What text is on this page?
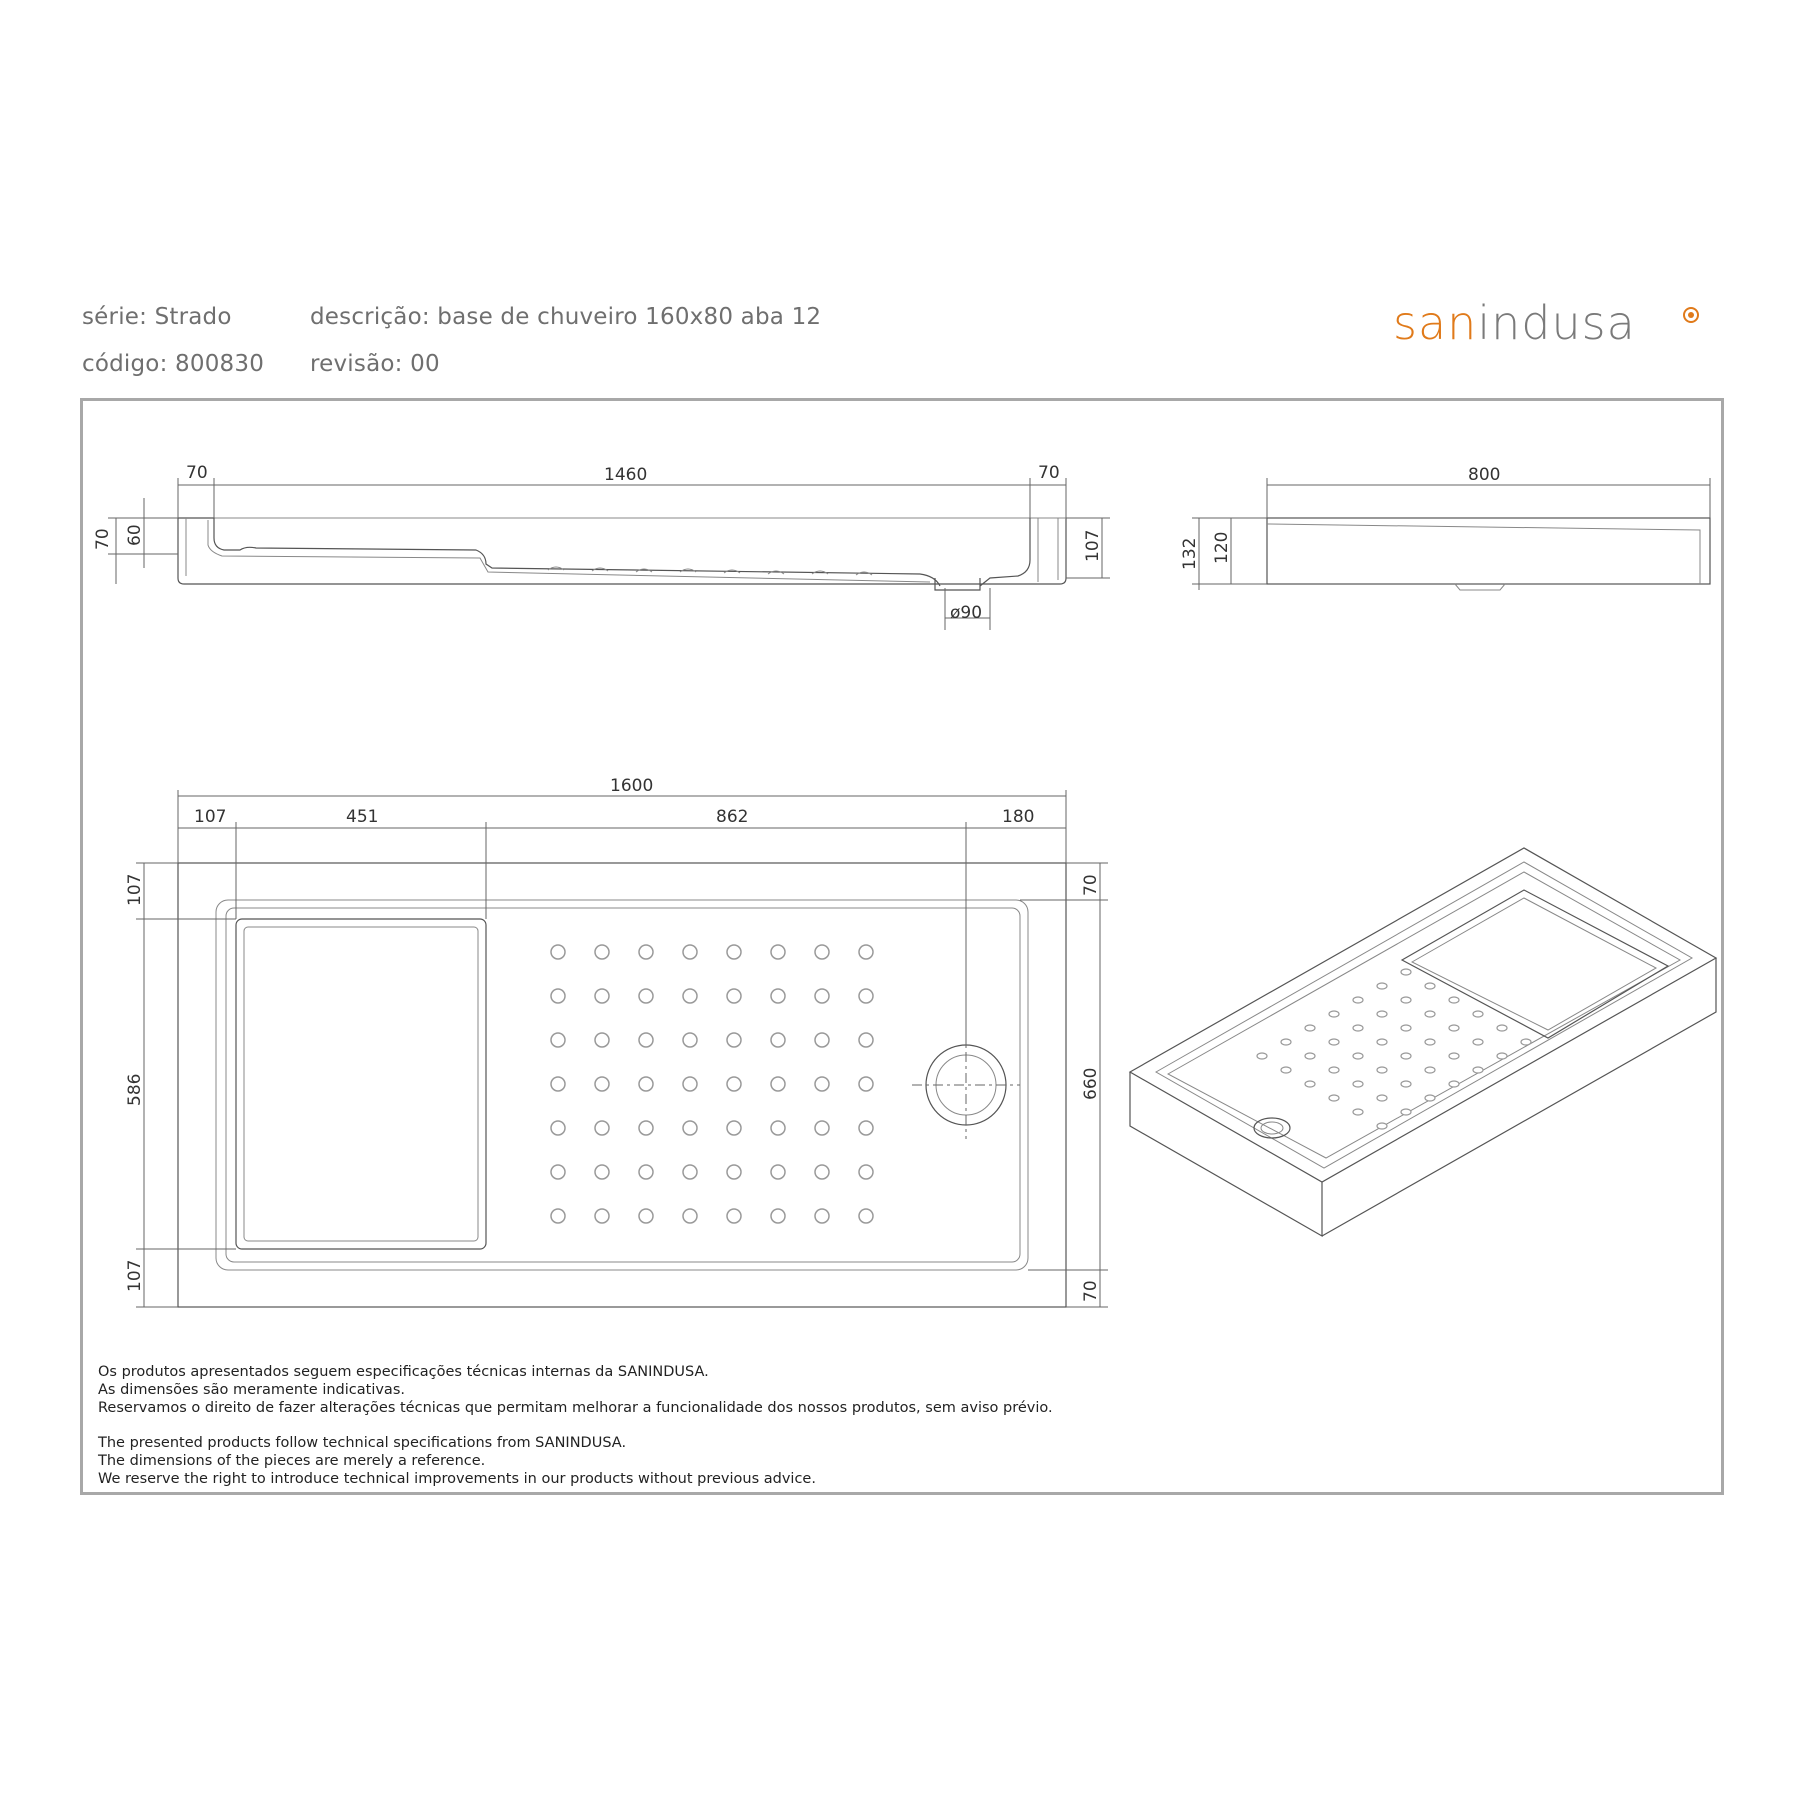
série: Strado	descrição: base de chuveiro 160x80 aba 12
código: 800830 revisão: 00
sanindusa
70	1460	70
70 60	107
ø90
800
132 120
1600
107	451	862	180
107
586
107
70
660
70
Os produtos apresentados seguem especificações técnicas internas da SANINDUSA.
As dimensões são meramente indicativas.
Reservamos o direito de fazer alterações técnicas que permitam melhorar a funcionalidade dos nossos produtos, sem aviso prévio.
The presented products follow technical specifications from SANINDUSA.
The dimensions of the pieces are merely a reference.
We reserve the right to introduce technical improvements in our products without previous advice.
